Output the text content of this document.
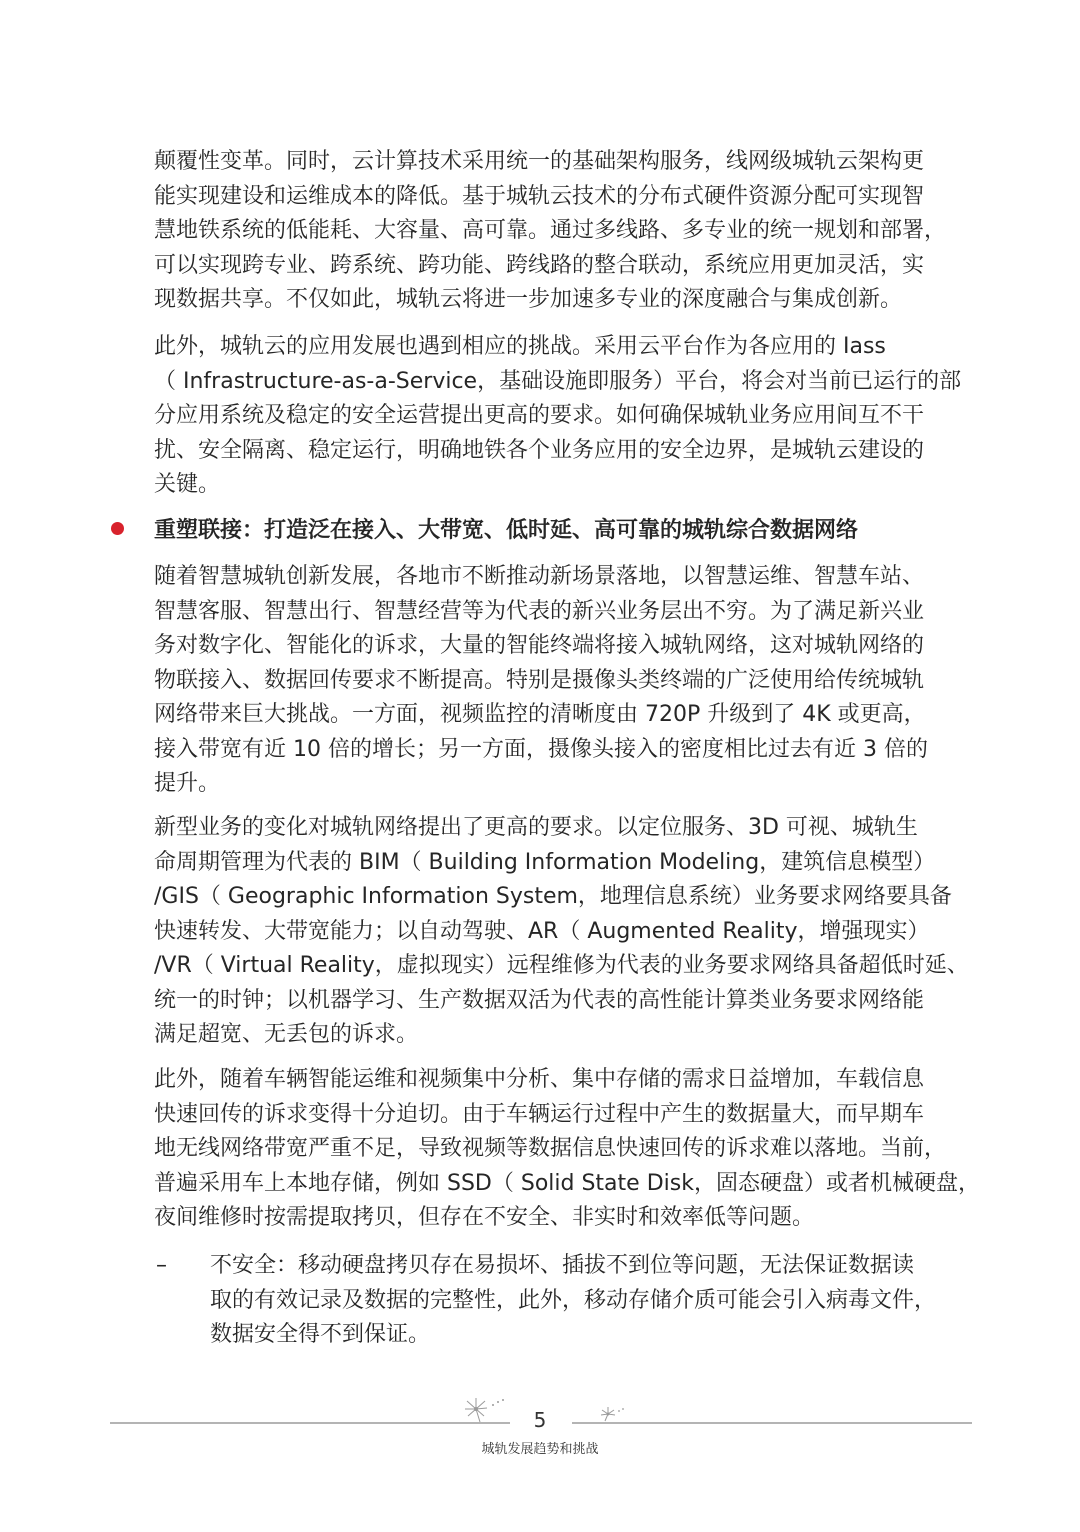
颠覆性变革。同时，云计算技术采用统一的基础架构服务，线网级城轨云架构更
能实现建设和运维成本的降低。基于城轨云技术的分布式硬件资源分配可实现智
慧地铁系统的低能耗、大容量、高可靠。通过多线路、多专业的统一规划和部署，
可以实现跨专业、跨系统、跨功能、跨线路的整合联动，系统应用更加灵活，实
现数据共享。不仅如此，城轨云将进一步加速多专业的深度融合与集成创新。
此外，城轨云的应用发展也遇到相应的挑战。采用云平台作为各应用的 Iass
（ Infrastructure-as-a-Service，基础设施即服务）平台，将会对当前已运行的部
分应用系统及稳定的安全运营提出更高的要求。如何确保城轨业务应用间互不干
扰、安全隔离、稳定运行，明确地铁各个业务应用的安全边界，是城轨云建设的
关键。
重塑联接：打造泛在接入、大带宽、低时延、高可靠的城轨综合数据网络
随着智慧城轨创新发展，各地市不断推动新场景落地，以智慧运维、智慧车站、
智慧客服、智慧出行、智慧经营等为代表的新兴业务层出不穷。为了满足新兴业
务对数字化、智能化的诉求，大量的智能终端将接入城轨网络，这对城轨网络的
物联接入、数据回传要求不断提高。特别是摄像头类终端的广泛使用给传统城轨
网络带来巨大挑战。一方面，视频监控的清晰度由 720P 升级到了 4K 或更高，
接入带宽有近 10 倍的增长；另一方面，摄像头接入的密度相比过去有近 3 倍的
提升。
新型业务的变化对城轨网络提出了更高的要求。以定位服务、3D 可视、城轨生
命周期管理为代表的 BIM（ Building Information Modeling，建筑信息模型）
/GIS（ Geographic Information System，地理信息系统）业务要求网络要具备
快速转发、大带宽能力；以自动驾驶、AR（ Augmented Reality，增强现实）
/VR（ Virtual Reality，虚拟现实）远程维修为代表的业务要求网络具备超低时延、
统一的时钟；以机器学习、生产数据双活为代表的高性能计算类业务要求网络能
满足超宽、无丢包的诉求。
此外，随着车辆智能运维和视频集中分析、集中存储的需求日益增加，车载信息
快速回传的诉求变得十分迫切。由于车辆运行过程中产生的数据量大，而早期车
地无线网络带宽严重不足，导致视频等数据信息快速回传的诉求难以落地。当前，
普遍采用车上本地存储，例如 SSD（ Solid State Disk，固态硬盘）或者机械硬盘，
夜间维修时按需提取拷贝，但存在不安全、非实时和效率低等问题。
– 不安全：移动硬盘拷贝存在易损坏、插拔不到位等问题，无法保证数据读
取的有效记录及数据的完整性，此外，移动存储介质可能会引入病毒文件，
数据安全得不到保证。
5
城轨发展趋势和挑战
